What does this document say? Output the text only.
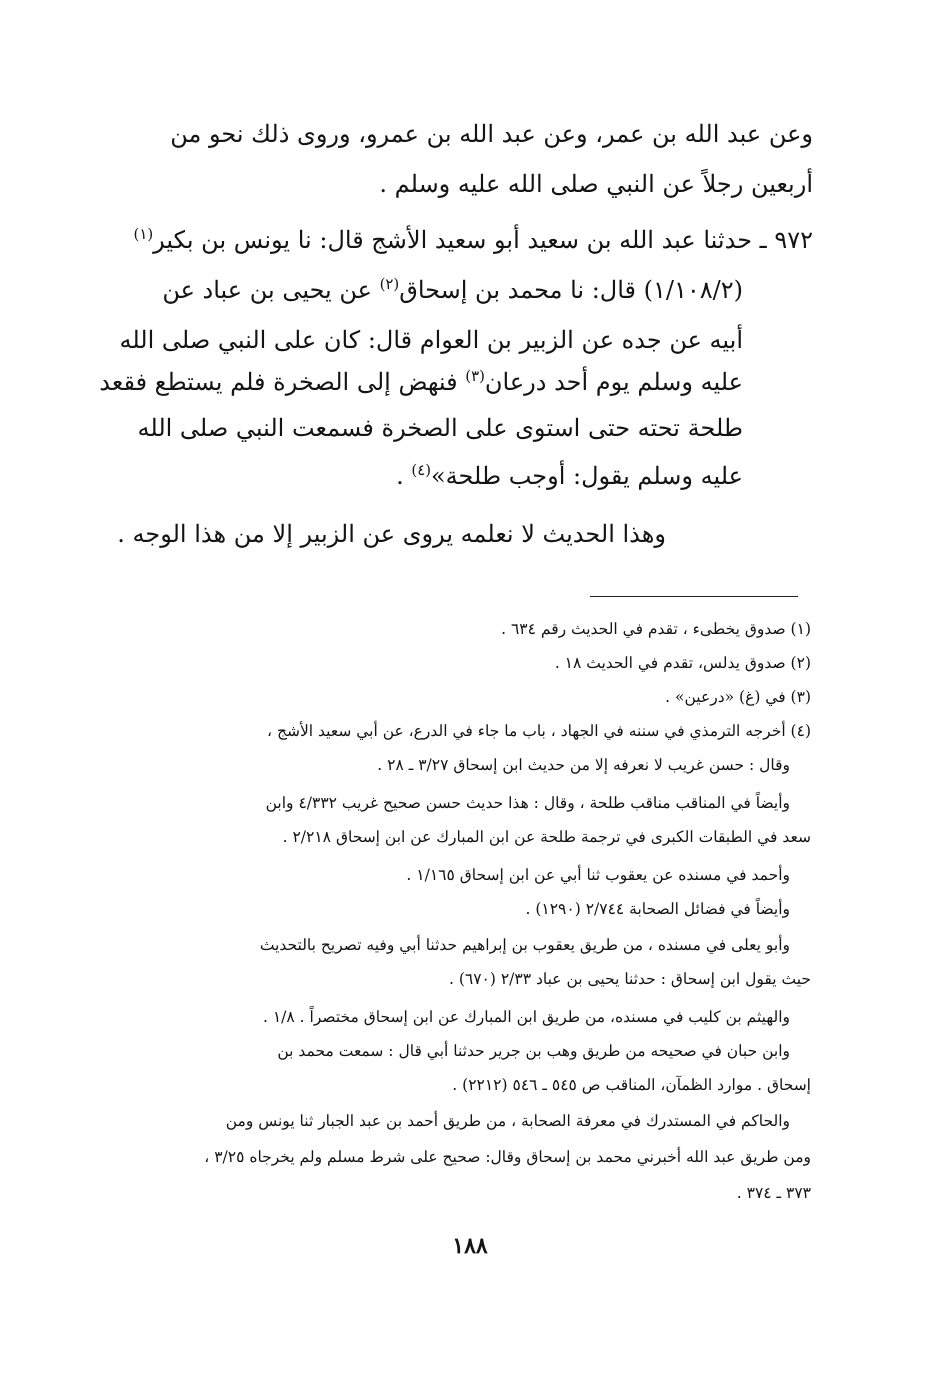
وعن عبد الله بن عمر، وعن عبد الله بن عمرو، وروى ذلك نحو من
أربعين رجلاً عن النبي صلى الله عليه وسلم .
٩٧٢ ـ حدثنا عبد الله بن سعيد أبو سعيد الأشج قال: نا يونس بن بكير$^{(١)}$
(١/١٠٨/٢) قال: نا محمد بن إسحاق$^{(٢)}$ عن يحيى بن عباد عن
أبيه عن جده عن الزبير بن العوام قال: كان على النبي صلى الله
عليه وسلم يوم أحد درعان$^{(٣)}$ فنهض إلى الصخرة فلم يستطع فقعد
طلحة تحته حتى استوى على الصخرة فسمعت النبي صلى الله
عليه وسلم يقول: أوجب طلحة»$^{(٤)}$ .
وهذا الحديث لا نعلمه يروى عن الزبير إلا من هذا الوجه .
(١) صدوق يخطىء ، تقدم في الحديث رقم ٦٣٤ .
(٢) صدوق يدلس، تقدم في الحديث ١٨ .
(٣) في (غ) «درعين» .
(٤) أخرجه الترمذي في سننه في الجهاد ، باب ما جاء في الدرع، عن أبي سعيد الأشج ،
وقال : حسن غريب لا نعرفه إلا من حديث ابن إسحاق ٣/٢٧ ـ ٢٨ .
وأيضاً في المناقب مناقب طلحة ، وقال : هذا حديث حسن صحيح غريب ٤/٣٣٢ وابن
سعد في الطبقات الكبرى في ترجمة طلحة عن ابن المبارك عن ابن إسحاق ٢/٢١٨ .
وأحمد في مسنده عن يعقوب ثنا أبي عن ابن إسحاق ١/١٦٥ .
وأيضاً في فضائل الصحابة ٢/٧٤٤ (١٢٩٠) .
وأبو يعلى في مسنده ، من طريق يعقوب بن إبراهيم حدثنا أبي وفيه تصريح بالتحديث
حيث يقول ابن إسحاق : حدثنا يحيى بن عباد ٢/٣٣ (٦٧٠) .
والهيثم بن كليب في مسنده، من طريق ابن المبارك عن ابن إسحاق مختصراً . ١/٨ .
وابن حبان في صحيحه من طريق وهب بن جرير حدثنا أبي قال : سمعت محمد بن
إسحاق . موارد الظمآن، المناقب ص ٥٤٥ ـ ٥٤٦ (٢٢١٢) .
والحاكم في المستدرك في معرفة الصحابة ، من طريق أحمد بن عبد الجبار ثنا يونس ومن
ومن طريق عبد الله أخبرني محمد بن إسحاق وقال: صحيح على شرط مسلم ولم يخرجاه ٣/٢٥ ،
٣٧٣ ـ ٣٧٤ .
١٨٨
